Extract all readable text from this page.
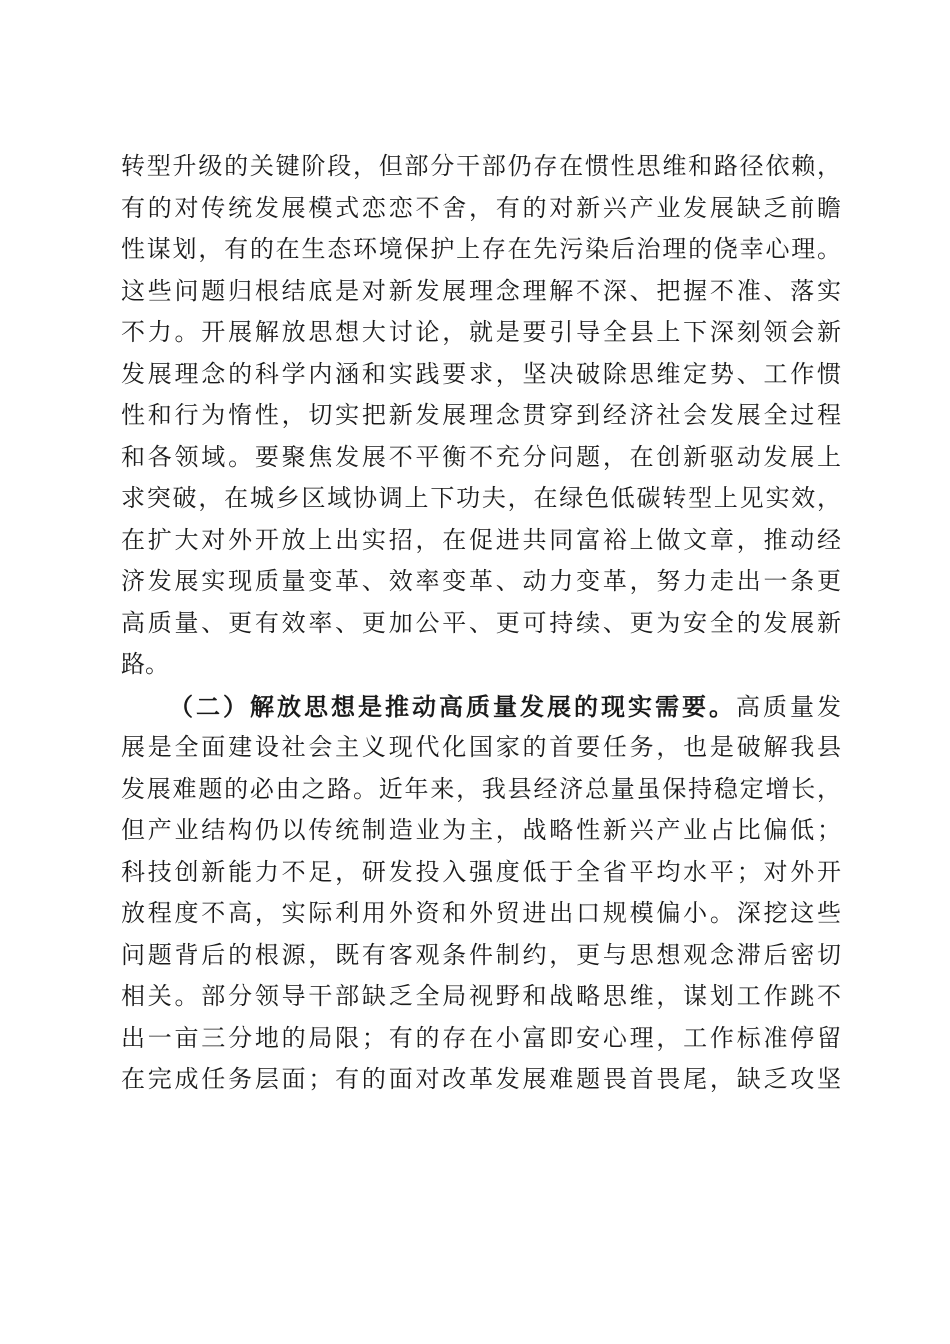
转型升级的关键阶段，但部分干部仍存在惯性思维和路径依赖，
有的对传统发展模式恋恋不舍，有的对新兴产业发展缺乏前瞻
性谋划，有的在生态环境保护上存在先污染后治理的侥幸心理。
这些问题归根结底是对新发展理念理解不深、把握不准、落实
不力。开展解放思想大讨论，就是要引导全县上下深刻领会新
发展理念的科学内涵和实践要求，坚决破除思维定势、工作惯
性和行为惰性，切实把新发展理念贯穿到经济社会发展全过程
和各领域。要聚焦发展不平衡不充分问题，在创新驱动发展上
求突破，在城乡区域协调上下功夫，在绿色低碳转型上见实效，
在扩大对外开放上出实招，在促进共同富裕上做文章，推动经
济发展实现质量变革、效率变革、动力变革，努力走出一条更
高质量、更有效率、更加公平、更可持续、更为安全的发展新
路。
（二）解放思想是推动高质量发展的现实需要。高质量发
展是全面建设社会主义现代化国家的首要任务，也是破解我县
发展难题的必由之路。近年来，我县经济总量虽保持稳定增长，
但产业结构仍以传统制造业为主，战略性新兴产业占比偏低；
科技创新能力不足，研发投入强度低于全省平均水平；对外开
放程度不高，实际利用外资和外贸进出口规模偏小。深挖这些
问题背后的根源，既有客观条件制约，更与思想观念滞后密切
相关。部分领导干部缺乏全局视野和战略思维，谋划工作跳不
出一亩三分地的局限；有的存在小富即安心理，工作标准停留
在完成任务层面；有的面对改革发展难题畏首畏尾，缺乏攻坚
